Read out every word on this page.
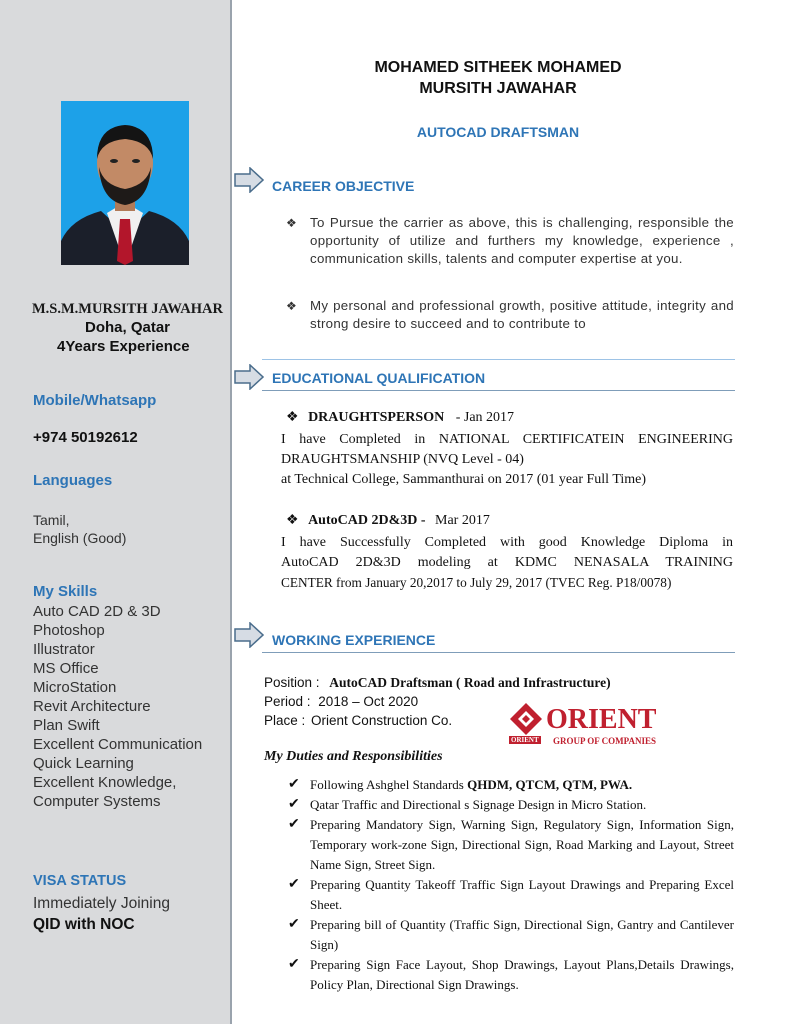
M.S.M.MURSITH JAWAHAR
Doha, Qatar
4Years Experience
Mobile/Whatsapp
+974 50192612
Languages
Tamil,
English (Good)
My Skills
Auto CAD 2D & 3D
Photoshop
Illustrator
MS Office
MicroStation
Revit Architecture
Plan Swift
Excellent Communication
Quick Learning
Excellent Knowledge,
Computer Systems
VISA STATUS
Immediately Joining
QID with NOC
MOHAMED SITHEEK MOHAMED
MURSITH JAWAHAR
AUTOCAD DRAFTSMAN
CAREER OBJECTIVE
❖ To Pursue the carrier as above, this is challenging, responsible the opportunity of utilize and furthers my knowledge, experience , communication skills, talents and computer expertise at you.
❖ My personal and professional growth, positive attitude, integrity and strong desire to succeed and to contribute to
EDUCATIONAL QUALIFICATION
❖ DRAUGHTSPERSON - Jan 2017
I have Completed in NATIONAL CERTIFICATEIN ENGINEERING
DRAUGHTSMANSHIP (NVQ Level - 04)
at Technical College, Sammanthurai on 2017 (01 year Full Time)
❖ AutoCAD 2D&3D - Mar 2017
I have Successfully Completed with good Knowledge Diploma in
AutoCAD 2D&3D modeling at KDMC NENASALA TRAINING
CENTER from January 20,2017 to July 29, 2017 (TVEC Reg. P18/0078)
WORKING EXPERIENCE
Position : AutoCAD Draftsman ( Road and Infrastructure)
Period : 2018 – Oct 2020
Place : Orient Construction Co.
ORIENT
ORIENT
GROUP OF COMPANIES
My Duties and Responsibilities
✔ Following Ashghel Standards QHDM, QTCM, QTM, PWA.
✔ Qatar Traffic and Directional s Signage Design in Micro Station.
✔ Preparing Mandatory Sign, Warning Sign, Regulatory Sign, Information Sign, Temporary work-zone Sign, Directional Sign, Road Marking and Layout, Street Name Sign, Street Sign.
✔ Preparing Quantity Takeoff Traffic Sign Layout Drawings and Preparing Excel Sheet.
✔ Preparing bill of Quantity (Traffic Sign, Directional Sign, Gantry and Cantilever Sign)
✔ Preparing Sign Face Layout, Shop Drawings, Layout Plans,Details Drawings, Policy Plan, Directional Sign Drawings.
